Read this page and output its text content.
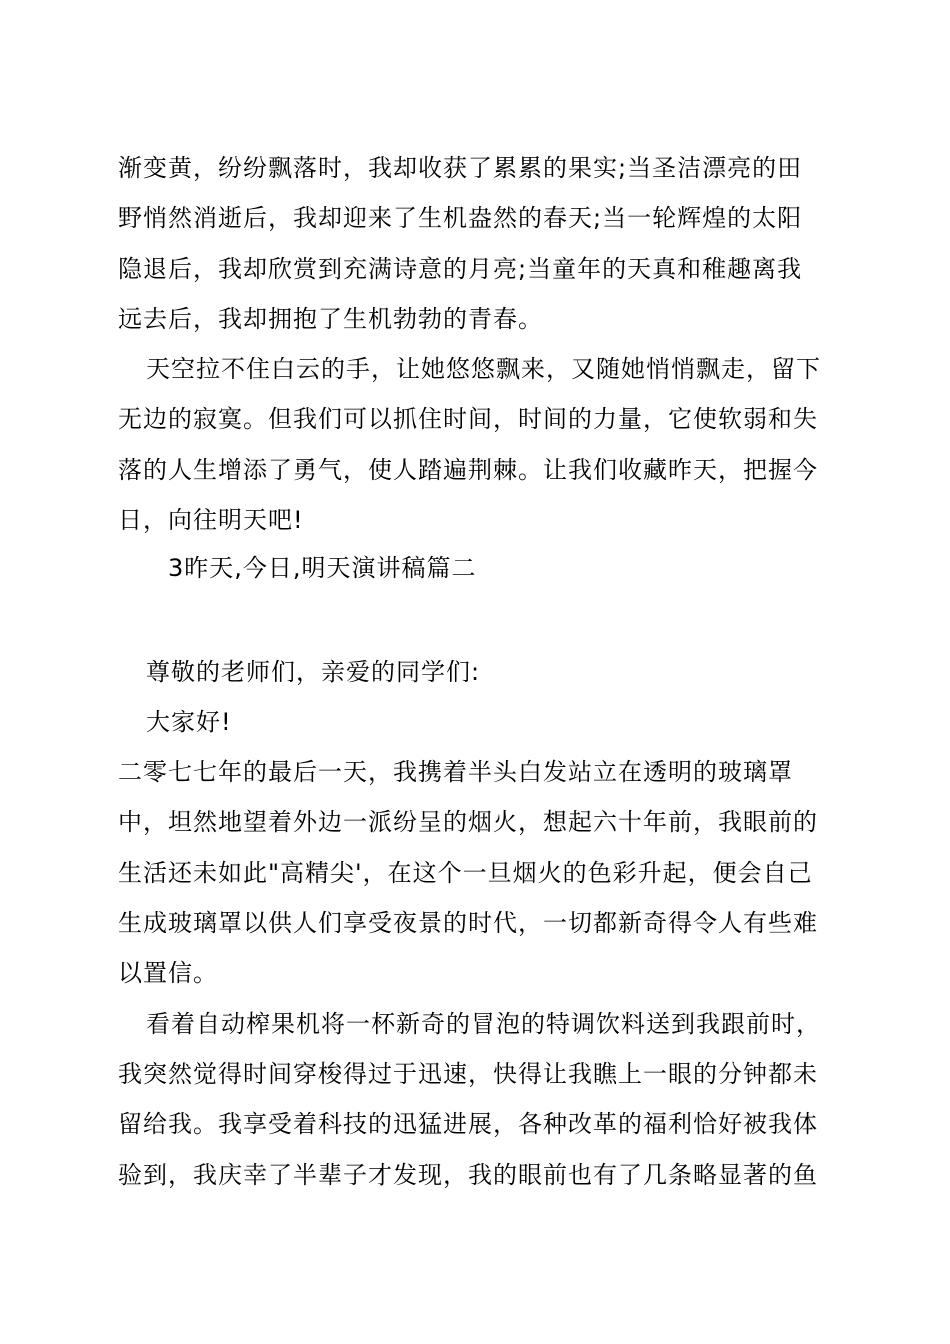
渐变黄，纷纷飘落时，我却收获了累累的果实;当圣洁漂亮的田
野悄然消逝后，我却迎来了生机盎然的春天;当一轮辉煌的太阳
隐退后，我却欣赏到充满诗意的月亮;当童年的天真和稚趣离我
远去后，我却拥抱了生机勃勃的青春。
天空拉不住白云的手，让她悠悠飘来，又随她悄悄飘走，留下
无边的寂寞。但我们可以抓住时间，时间的力量，它使软弱和失
落的人生增添了勇气，使人踏遍荆棘。让我们收藏昨天，把握今
日，向往明天吧!
3昨天,今日,明天演讲稿篇二
尊敬的老师们，亲爱的同学们:
大家好!
二零七七年的最后一天，我携着半头白发站立在透明的玻璃罩
中，坦然地望着外边一派纷呈的烟火，想起六十年前，我眼前的
生活还未如此"高精尖'，在这个一旦烟火的色彩升起，便会自己
生成玻璃罩以供人们享受夜景的时代，一切都新奇得令人有些难
以置信。
看着自动榨果机将一杯新奇的冒泡的特调饮料送到我跟前时，
我突然觉得时间穿梭得过于迅速，快得让我瞧上一眼的分钟都未
留给我。我享受着科技的迅猛进展，各种改革的福利恰好被我体
验到，我庆幸了半辈子才发现，我的眼前也有了几条略显著的鱼
